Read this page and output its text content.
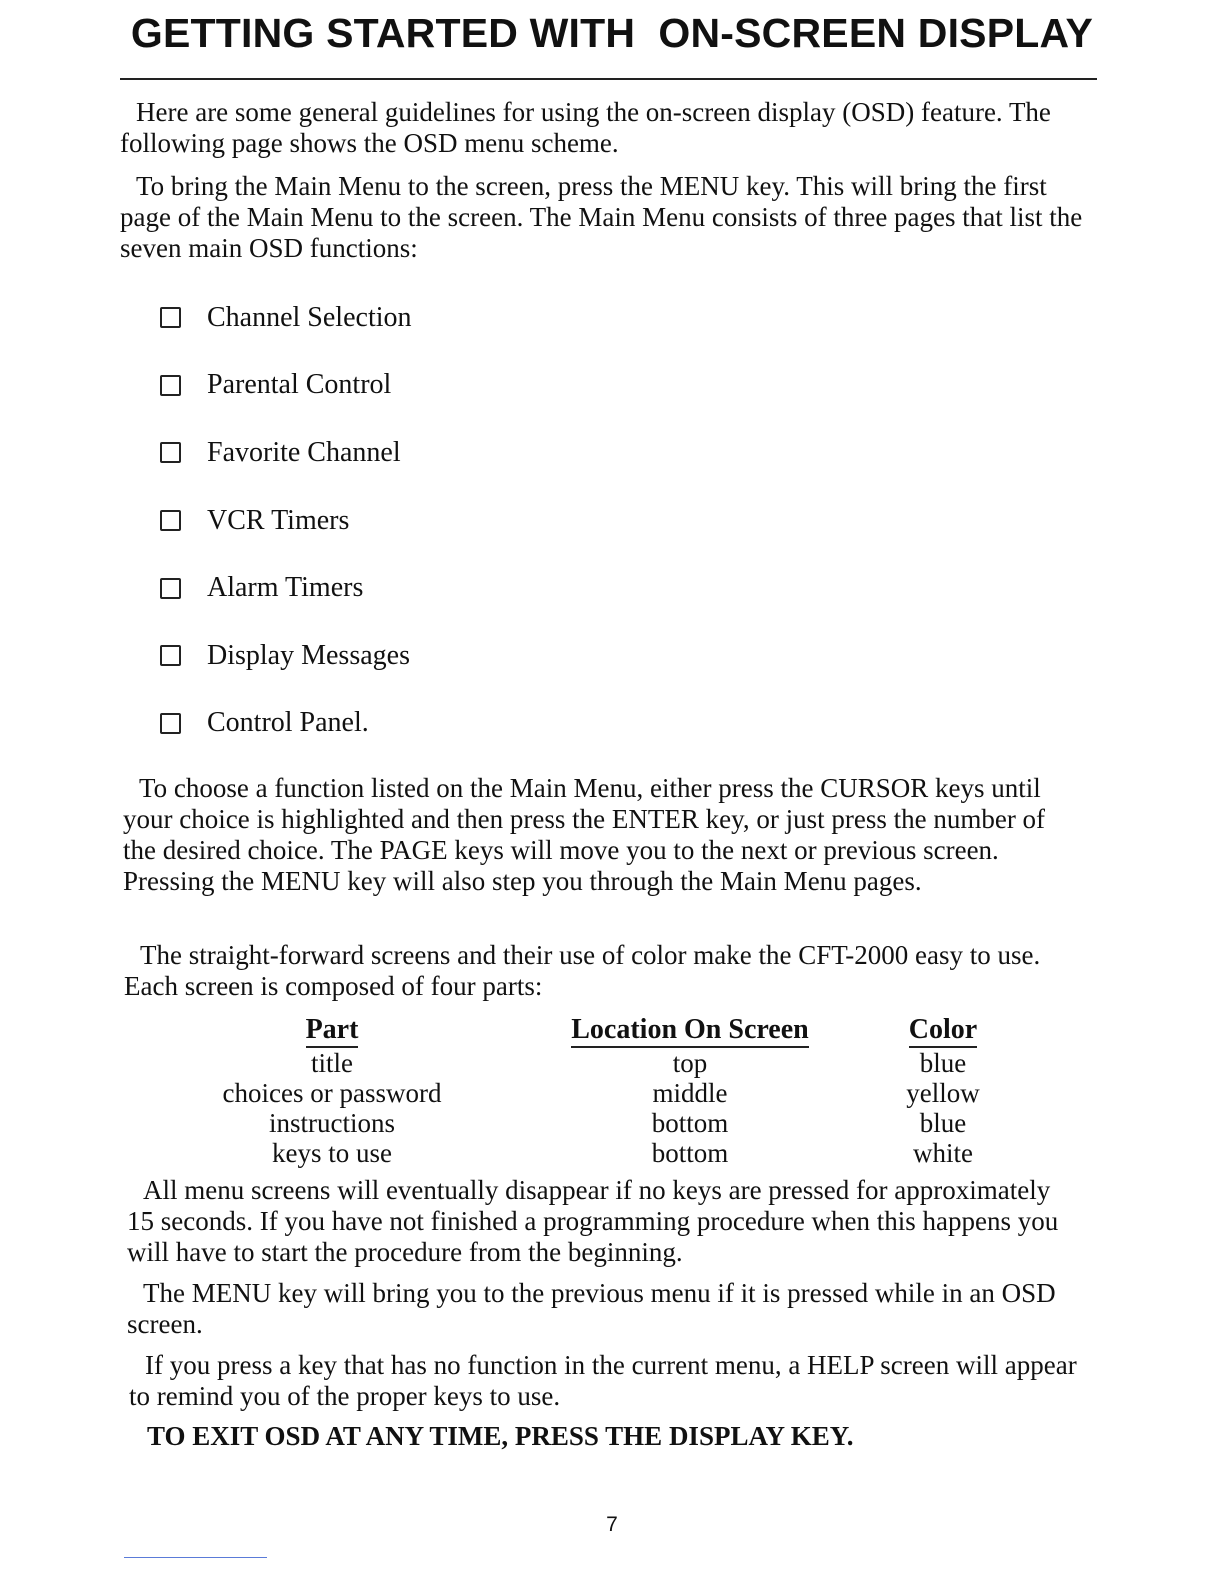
GETTING STARTED WITH  ON-SCREEN DISPLAY

Here are some general guidelines for using the on-screen display (OSD) feature. The following page shows the OSD menu scheme.

To bring the Main Menu to the screen, press the MENU key. This will bring the first page of the Main Menu to the screen. The Main Menu consists of three pages that list the seven main OSD functions:

Channel Selection
Parental Control
Favorite Channel
VCR Timers
Alarm Timers
Display Messages
Control Panel.

To choose a function listed on the Main Menu, either press the CURSOR keys until your choice is highlighted and then press the ENTER key, or just press the number of the desired choice. The PAGE keys will move you to the next or previous screen. Pressing the MENU key will also step you through the Main Menu pages.

The straight-forward screens and their use of color make the CFT-2000 easy to use. Each screen is composed of four parts:

Part
title
choices or password
instructions
keys to use
Location On Screen
top
middle
bottom
bottom
Color
blue
yellow
blue
white

All menu screens will eventually disappear if no keys are pressed for approximately 15 seconds. If you have not finished a programming procedure when this happens you will have to start the procedure from the beginning.

The MENU key will bring you to the previous menu if it is pressed while in an OSD screen.

If you press a key that has no function in the current menu, a HELP screen will appear to remind you of the proper keys to use.

TO EXIT OSD AT ANY TIME, PRESS THE DISPLAY KEY.

7
